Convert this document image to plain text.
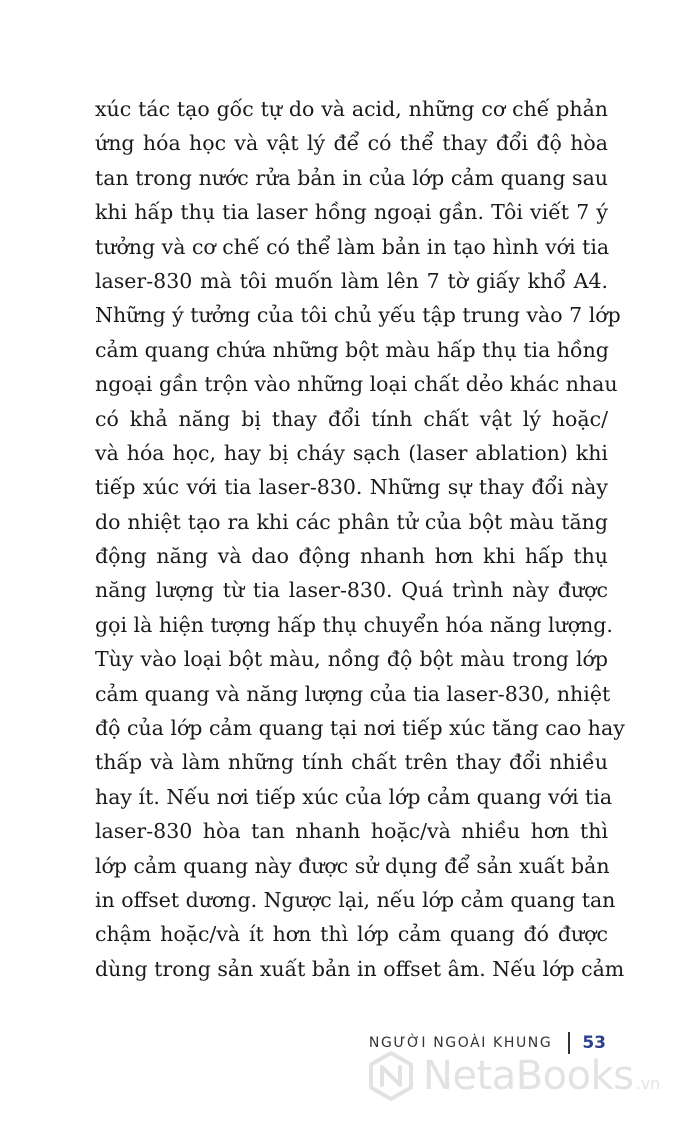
xúc tác tạo gốc tự do và acid, những cơ chế phản
ứng hóa học và vật lý để có thể thay đổi độ hòa
tan trong nước rửa bản in của lớp cảm quang sau
khi hấp thụ tia laser hồng ngoại gần. Tôi viết 7 ý
tưởng và cơ chế có thể làm bản in tạo hình với tia
laser-830 mà tôi muốn làm lên 7 tờ giấy khổ A4.
Những ý tưởng của tôi chủ yếu tập trung vào 7 lớp
cảm quang chứa những bột màu hấp thụ tia hồng
ngoại gần trộn vào những loại chất dẻo khác nhau
có khả năng bị thay đổi tính chất vật lý hoặc/
và hóa học, hay bị cháy sạch (laser ablation) khi
tiếp xúc với tia laser-830. Những sự thay đổi này
do nhiệt tạo ra khi các phân tử của bột màu tăng
động năng và dao động nhanh hơn khi hấp thụ
năng lượng từ tia laser-830. Quá trình này được
gọi là hiện tượng hấp thụ chuyển hóa năng lượng.
Tùy vào loại bột màu, nồng độ bột màu trong lớp
cảm quang và năng lượng của tia laser-830, nhiệt
độ của lớp cảm quang tại nơi tiếp xúc tăng cao hay
thấp và làm những tính chất trên thay đổi nhiều
hay ít. Nếu nơi tiếp xúc của lớp cảm quang với tia
laser-830 hòa tan nhanh hoặc/và nhiều hơn thì
lớp cảm quang này được sử dụng để sản xuất bản
in offset dương. Ngược lại, nếu lớp cảm quang tan
chậm hoặc/và ít hơn thì lớp cảm quang đó được
dùng trong sản xuất bản in offset âm. Nếu lớp cảm
NGƯỜI NGOÀI KHUNG 53
NetaBooks .vn
